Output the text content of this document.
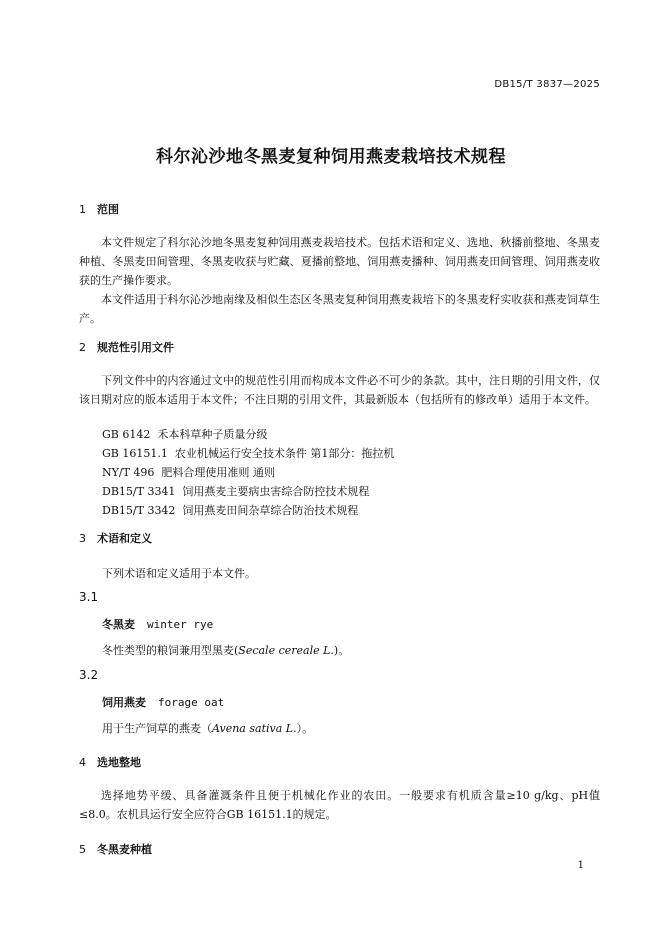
DB15/T 3837—2025
科尔沁沙地冬黑麦复种饲用燕麦栽培技术规程
1 范围
本文件规定了科尔沁沙地冬黑麦复种饲用燕麦栽培技术。包括术语和定义、选地、秋播前整地、冬黑麦种植、冬黑麦田间管理、冬黑麦收获与贮藏、夏播前整地、饲用燕麦播种、饲用燕麦田间管理、饲用燕麦收获的生产操作要求。
本文件适用于科尔沁沙地南缘及相似生态区冬黑麦复种饲用燕麦栽培下的冬黑麦籽实收获和燕麦饲草生产。
2 规范性引用文件
下列文件中的内容通过文中的规范性引用而构成本文件必不可少的条款。其中，注日期的引用文件，仅该日期对应的版本适用于本文件；不注日期的引用文件，其最新版本（包括所有的修改单）适用于本文件。
GB 6142  禾本科草种子质量分级
GB 16151.1  农业机械运行安全技术条件 第1部分：拖拉机
NY/T 496  肥料合理使用准则 通则
DB15/T 3341  饲用燕麦主要病虫害综合防控技术规程
DB15/T 3342  饲用燕麦田间杂草综合防治技术规程
3 术语和定义
下列术语和定义适用于本文件。
3.1
冬黑麦 winter rye
冬性类型的粮饲兼用型黑麦(Secale cereale L.)。
3.2
饲用燕麦 forage oat
用于生产饲草的燕麦（Avena sativa L.）。
4 选地整地
选择地势平缓、具备灌溉条件且便于机械化作业的农田。一般要求有机质含量≥10 g/kg、pH值≤8.0。农机具运行安全应符合GB 16151.1的规定。
5 冬黑麦种植
1
